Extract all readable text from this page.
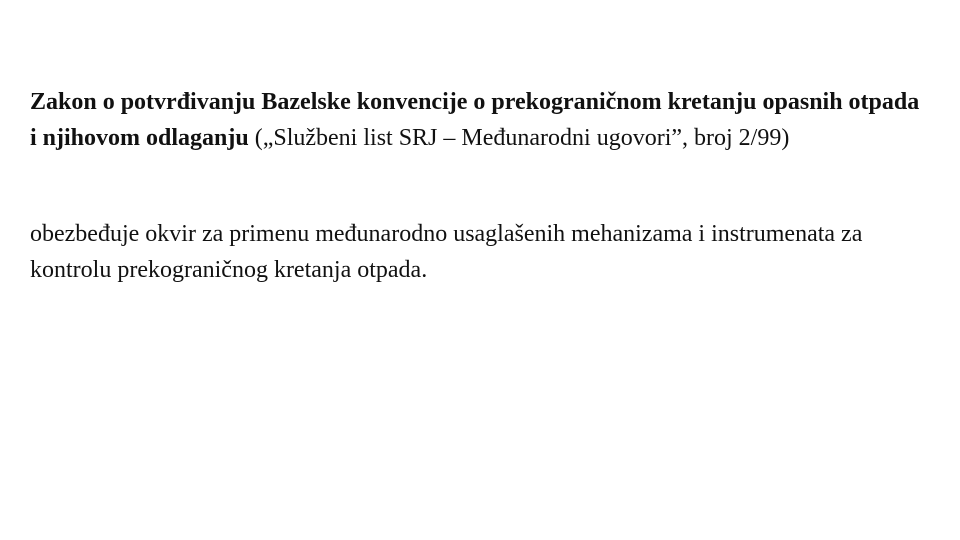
Zakon o potvrđivanju Bazelske konvencije o prekograničnom kretanju opasnih otpada i njihovom odlaganju („Službeni list SRJ – Međunarodni ugovori”, broj 2/99)

obezbeđuje okvir za primenu međunarodno usaglašenih mehanizama i instrumenata za kontrolu prekograničnog kretanja otpada.
